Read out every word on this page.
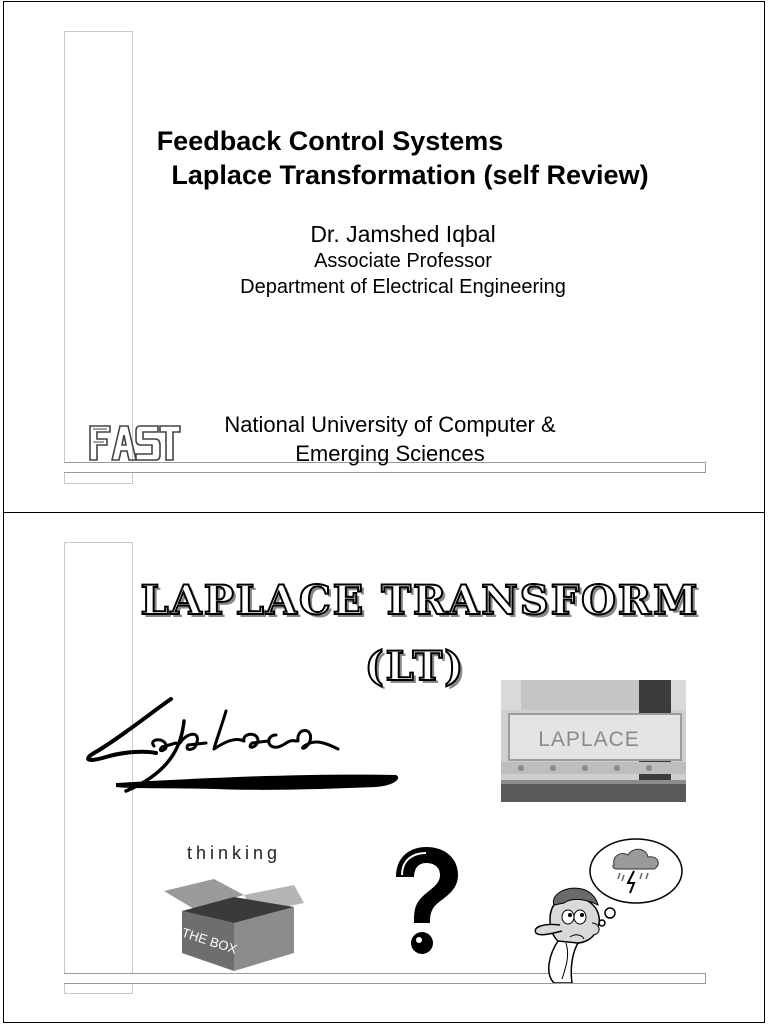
Feedback Control Systems
Laplace Transformation (self Review)
Dr. Jamshed Iqbal
Associate Professor
Department of Electrical Engineering
National University of Computer &
Emerging Sciences
LAPLACE TRANSFORM
(LT)
LAPLACE
thinking
THE BOX
